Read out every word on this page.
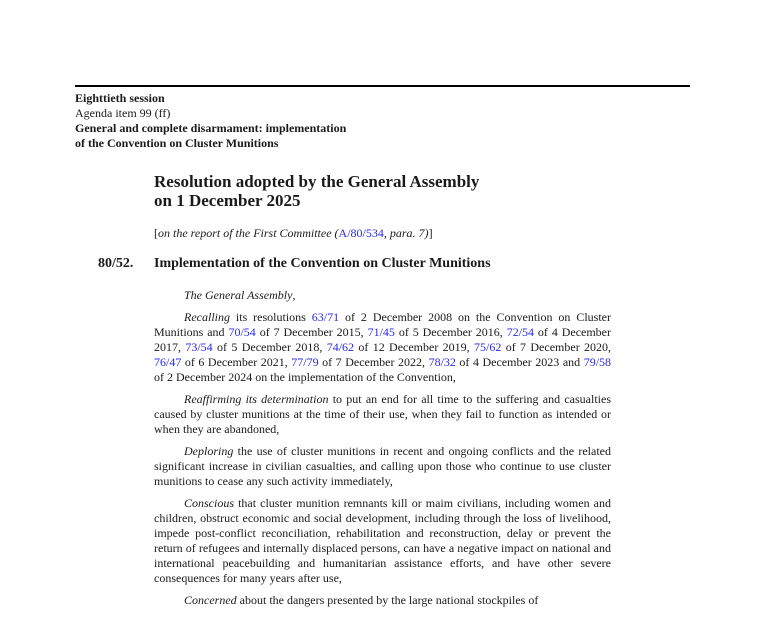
Eighttieth session
Agenda item 99 (ff)
General and complete disarmament: implementation
of the Convention on Cluster Munitions
Resolution adopted by the General Assembly
on 1 December 2025
[on the report of the First Committee (A/80/534, para. 7)]
80/52. Implementation of the Convention on Cluster Munitions

The General Assembly,

Recalling its resolutions 63/71 of 2 December 2008 on the Convention on Cluster Munitions and 70/54 of 7 December 2015, 71/45 of 5 December 2016, 72/54 of 4 December 2017, 73/54 of 5 December 2018, 74/62 of 12 December 2019, 75/62 of 7 December 2020, 76/47 of 6 December 2021, 77/79 of 7 December 2022, 78/32 of 4 December 2023 and 79/58 of 2 December 2024 on the implementation of the Convention,

Reaffirming its determination to put an end for all time to the suffering and casualties caused by cluster munitions at the time of their use, when they fail to function as intended or when they are abandoned,

Deploring the use of cluster munitions in recent and ongoing conflicts and the related significant increase in civilian casualties, and calling upon those who continue to use cluster munitions to cease any such activity immediately,

Conscious that cluster munition remnants kill or maim civilians, including women and children, obstruct economic and social development, including through the loss of livelihood, impede post-conflict reconciliation, rehabilitation and reconstruction, delay or prevent the return of refugees and internally displaced persons, can have a negative impact on national and international peacebuilding and humanitarian assistance efforts, and have other severe consequences for many years after use,

Concerned about the dangers presented by the large national stockpiles of
